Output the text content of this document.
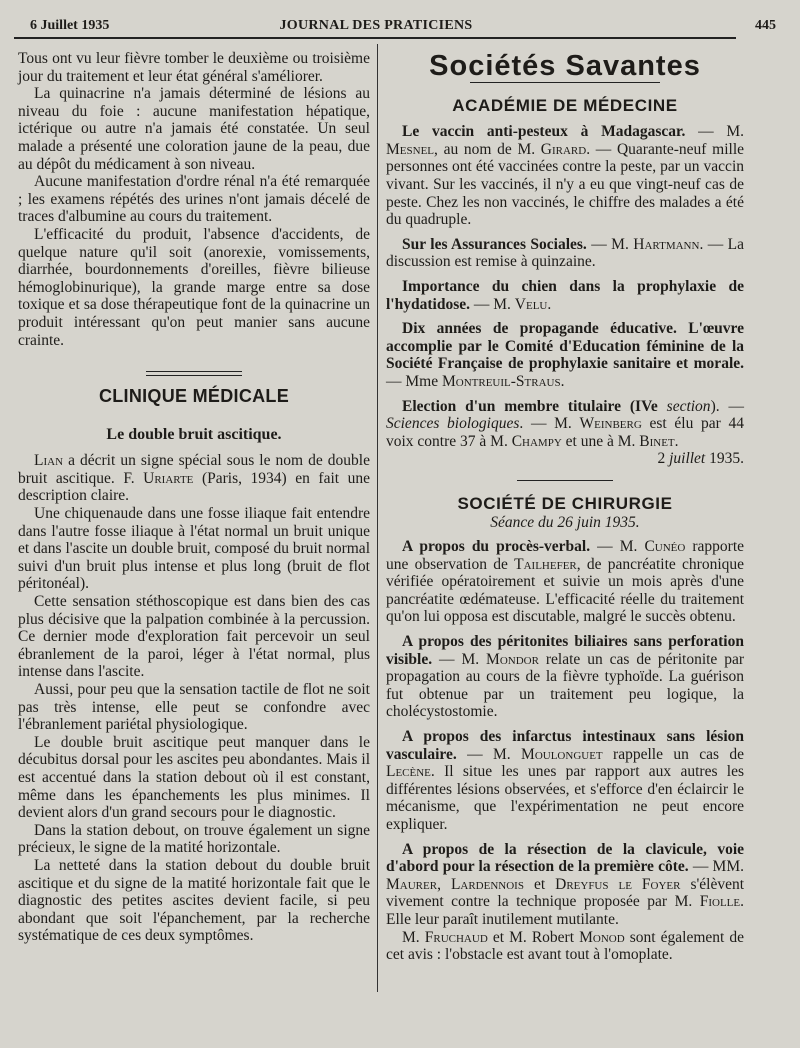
6 Juillet 1935	JOURNAL DES PRATICIENS	445

Tous ont vu leur fièvre tomber le deuxième ou troisième jour du traitement et leur état général s'améliorer.

La quinacrine n'a jamais déterminé de lésions au niveau du foie : aucune manifestation hépatique, ictérique ou autre n'a jamais été constatée. Un seul malade a présenté une coloration jaune de la peau, due au dépôt du médicament à son niveau.

Aucune manifestation d'ordre rénal n'a été remarquée ; les examens répétés des urines n'ont jamais décelé de traces d'albumine au cours du traitement.

L'efficacité du produit, l'absence d'accidents, de quelque nature qu'il soit (anorexie, vomissements, diarrhée, bourdonnements d'oreilles, fièvre bilieuse hémoglobinurique), la grande marge entre sa dose toxique et sa dose thérapeutique font de la quinacrine un produit intéressant qu'on peut manier sans aucune crainte.

CLINIQUE MÉDICALE
Le double bruit ascitique.

Lian a décrit un signe spécial sous le nom de double bruit ascitique. F. Uriarte (Paris, 1934) en fait une description claire.

Une chiquenaude dans une fosse iliaque fait entendre dans l'autre fosse iliaque à l'état normal un bruit unique et dans l'ascite un double bruit, composé du bruit normal suivi d'un bruit plus intense et plus long (bruit de flot péritonéal).

Cette sensation stéthoscopique est dans bien des cas plus décisive que la palpation combinée à la percussion. Ce dernier mode d'exploration fait percevoir un seul ébranlement de la paroi, léger à l'état normal, plus intense dans l'ascite.

Aussi, pour peu que la sensation tactile de flot ne soit pas très intense, elle peut se confondre avec l'ébranlement pariétal physiologique.

Le double bruit ascitique peut manquer dans le décubitus dorsal pour les ascites peu abondantes. Mais il est accentué dans la station debout où il est constant, même dans les épanchements les plus minimes. Il devient alors d'un grand secours pour le diagnostic.

Dans la station debout, on trouve également un signe précieux, le signe de la matité horizontale.

La netteté dans la station debout du double bruit ascitique et du signe de la matité horizontale fait que le diagnostic des petites ascites devient facile, si peu abondant que soit l'épanchement, par la recherche systématique de ces deux symptômes.

Sociétés Savantes
ACADÉMIE DE MÉDECINE

Le vaccin anti-pesteux à Madagascar. — M. Mesnel, au nom de M. Girard. — Quarante-neuf mille personnes ont été vaccinées contre la peste, par un vaccin vivant. Sur les vaccinés, il n'y a eu que vingt-neuf cas de peste. Chez les non vaccinés, le chiffre des malades a été du quadruple.

Sur les Assurances Sociales. — M. Hartmann. — La discussion est remise à quinzaine.

Importance du chien dans la prophylaxie de l'hydatidose. — M. Velu.

Dix années de propagande éducative. L'œuvre accomplie par le Comité d'Education féminine de la Société Française de prophylaxie sanitaire et morale. — Mme Montreuil-Straus.

Election d'un membre titulaire (IVe section). — Sciences biologiques. — M. Weinberg est élu par 44 voix contre 37 à M. Champy et une à M. Binet.

2 juillet 1935.

SOCIÉTÉ DE CHIRURGIE
Séance du 26 juin 1935.

A propos du procès-verbal. — M. Cunéo rapporte une observation de Tailhefer, de pancréatite chronique vérifiée opératoirement et suivie un mois après d'une pancréatite œdémateuse. L'efficacité réelle du traitement qu'on lui opposa est discutable, malgré le succès obtenu.

A propos des péritonites biliaires sans perforation visible. — M. Mondor relate un cas de péritonite par propagation au cours de la fièvre typhoïde. La guérison fut obtenue par un traitement peu logique, la cholécystostomie.

A propos des infarctus intestinaux sans lésion vasculaire. — M. Moulonguet rappelle un cas de Lecène. Il situe les unes par rapport aux autres les différentes lésions observées, et s'efforce d'en éclaircir le mécanisme, que l'expérimentation ne peut encore expliquer.

A propos de la résection de la clavicule, voie d'abord pour la résection de la première côte. — MM. Maurer, Lardennois et Dreyfus le Foyer s'élèvent vivement contre la technique proposée par M. Fiolle. Elle leur paraît inutilement mutilante.

M. Fruchaud et M. Robert Monod sont également de cet avis : l'obstacle est avant tout à l'omoplate.
